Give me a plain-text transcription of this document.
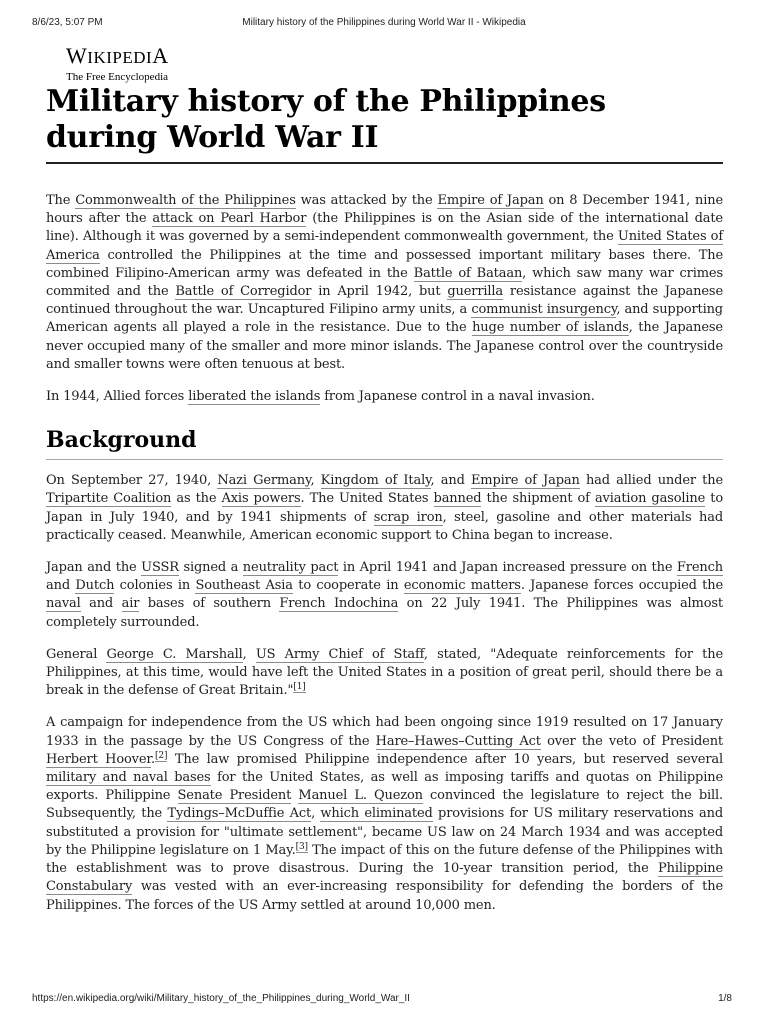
8/6/23, 5:07 PM	Military history of the Philippines during World War II - Wikipedia
WIKIPEDIA
The Free Encyclopedia
Military history of the Philippines during World War II

The Commonwealth of the Philippines was attacked by the Empire of Japan on 8 December 1941, nine hours after the attack on Pearl Harbor (the Philippines is on the Asian side of the international date line). Although it was governed by a semi-independent commonwealth government, the United States of America controlled the Philippines at the time and possessed important military bases there. The combined Filipino-American army was defeated in the Battle of Bataan, which saw many war crimes commited and the Battle of Corregidor in April 1942, but guerrilla resistance against the Japanese continued throughout the war. Uncaptured Filipino army units, a communist insurgency, and supporting American agents all played a role in the resistance. Due to the huge number of islands, the Japanese never occupied many of the smaller and more minor islands. The Japanese control over the countryside and smaller towns were often tenuous at best.

In 1944, Allied forces liberated the islands from Japanese control in a naval invasion.

Background

On September 27, 1940, Nazi Germany, Kingdom of Italy, and Empire of Japan had allied under the Tripartite Coalition as the Axis powers. The United States banned the shipment of aviation gasoline to Japan in July 1940, and by 1941 shipments of scrap iron, steel, gasoline and other materials had practically ceased. Meanwhile, American economic support to China began to increase.

Japan and the USSR signed a neutrality pact in April 1941 and Japan increased pressure on the French and Dutch colonies in Southeast Asia to cooperate in economic matters. Japanese forces occupied the naval and air bases of southern French Indochina on 22 July 1941. The Philippines was almost completely surrounded.

General George C. Marshall, US Army Chief of Staff, stated, "Adequate reinforcements for the Philippines, at this time, would have left the United States in a position of great peril, should there be a break in the defense of Great Britain."[1]

A campaign for independence from the US which had been ongoing since 1919 resulted on 17 January 1933 in the passage by the US Congress of the Hare–Hawes–Cutting Act over the veto of President Herbert Hoover.[2] The law promised Philippine independence after 10 years, but reserved several military and naval bases for the United States, as well as imposing tariffs and quotas on Philippine exports. Philippine Senate President Manuel L. Quezon convinced the legislature to reject the bill. Subsequently, the Tydings–McDuffie Act, which eliminated provisions for US military reservations and substituted a provision for "ultimate settlement", became US law on 24 March 1934 and was accepted by the Philippine legislature on 1 May.[3] The impact of this on the future defense of the Philippines with the establishment was to prove disastrous. During the 10-year transition period, the Philippine Constabulary was vested with an ever-increasing responsibility for defending the borders of the Philippines. The forces of the US Army settled at around 10,000 men.

https://en.wikipedia.org/wiki/Military_history_of_the_Philippines_during_World_War_II	1/8
